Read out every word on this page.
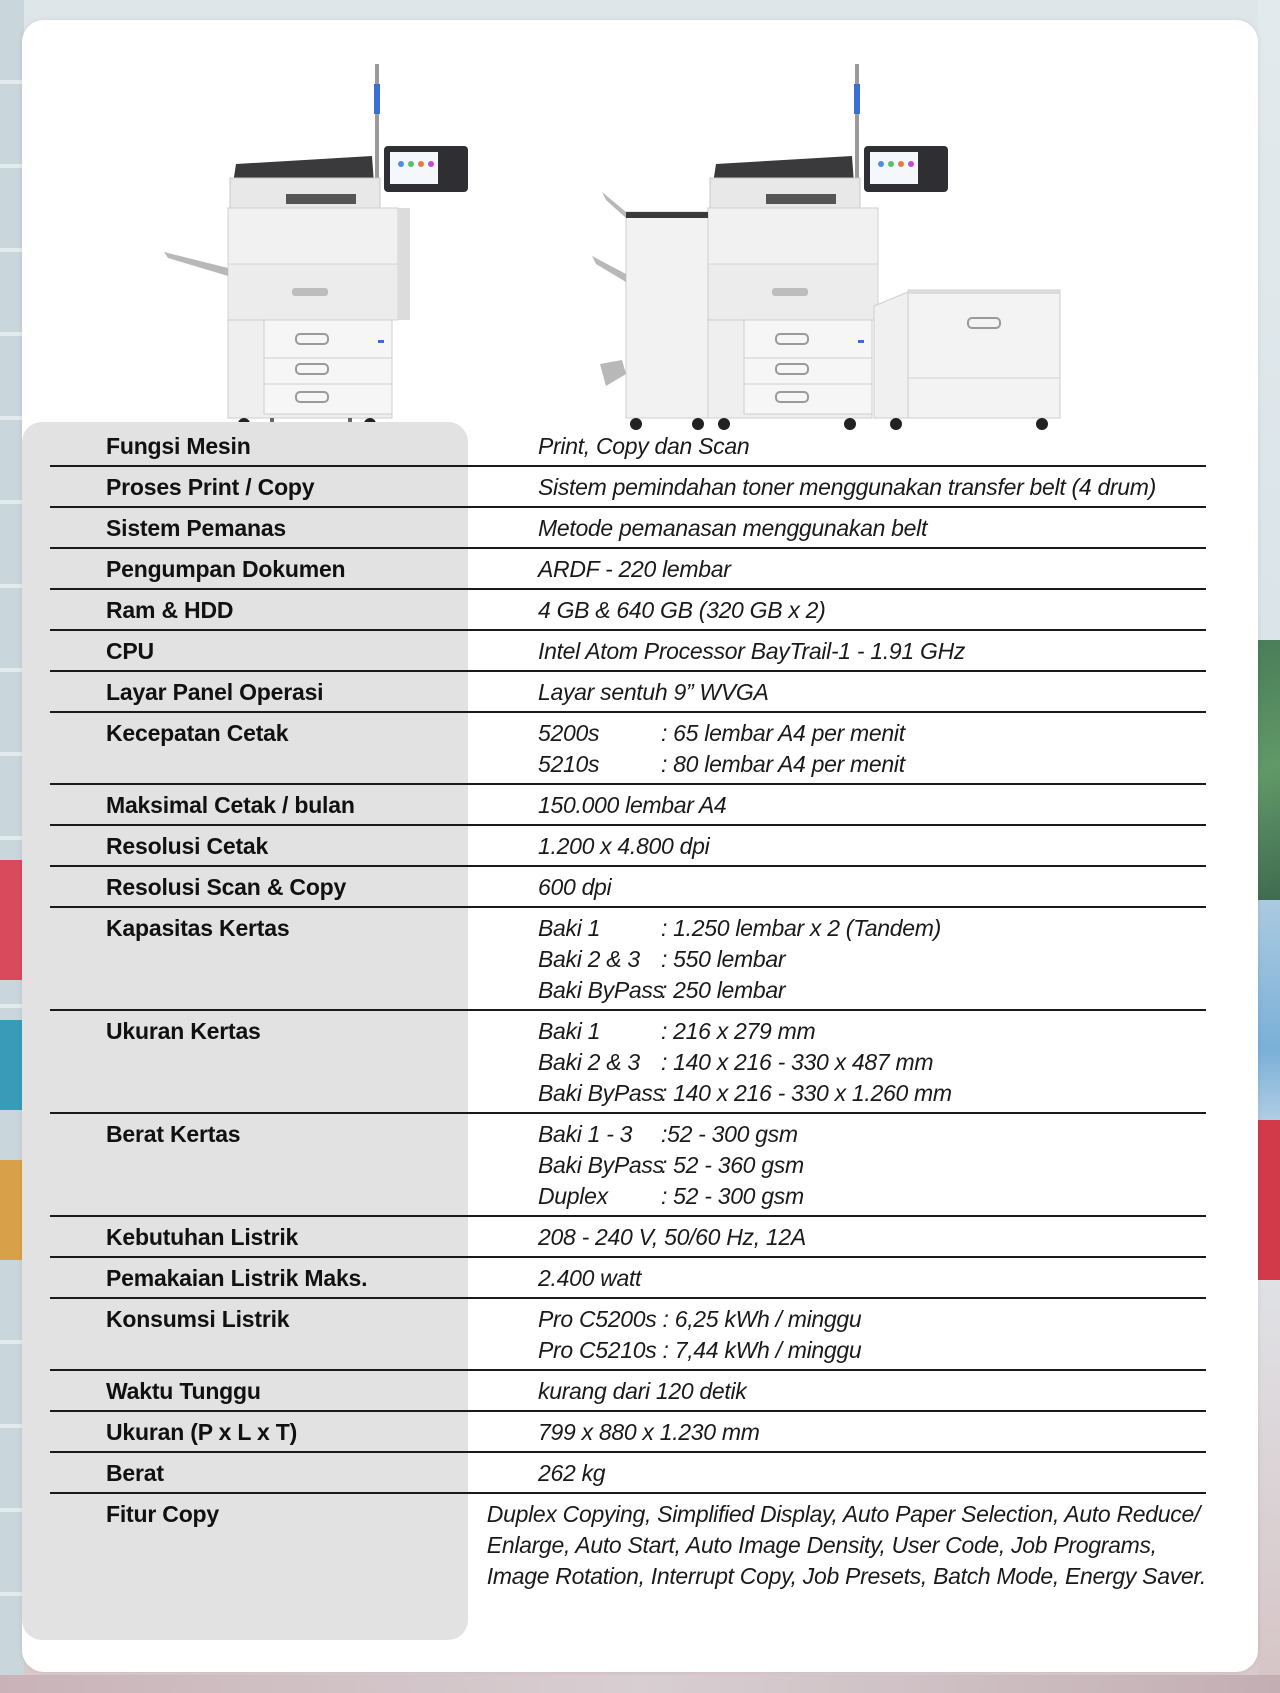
Fungsi Mesin	Print, Copy dan Scan
Proses Print / Copy	Sistem pemindahan toner menggunakan transfer belt (4 drum)
Sistem Pemanas	Metode pemanasan menggunakan belt
Pengumpan Dokumen	ARDF - 220 lembar
Ram & HDD	4 GB & 640 GB (320 GB x 2)
CPU	Intel Atom Processor BayTrail-1 - 1.91 GHz
Layar Panel Operasi	Layar sentuh 9” WVGA
Kecepatan Cetak	5200s	: 65 lembar A4 per menit
5210s	: 80 lembar A4 per menit
Maksimal Cetak / bulan	150.000 lembar A4
Resolusi Cetak	1.200 x 4.800 dpi
Resolusi Scan & Copy	600 dpi
Kapasitas Kertas	Baki 1	: 1.250 lembar x 2 (Tandem)
Baki 2 & 3 : 550 lembar
Baki ByPass: 250 lembar
Ukuran Kertas	Baki 1	: 216 x 279 mm
Baki 2 & 3 : 140 x 216 - 330 x 487 mm
Baki ByPass: 140 x 216 - 330 x 1.260 mm
Berat Kertas	Baki 1 - 3 :52 - 300 gsm
Baki ByPass: 52 - 360 gsm
Duplex : 52 - 300 gsm
Kebutuhan Listrik	208 - 240 V, 50/60 Hz, 12A
Pemakaian Listrik Maks.	2.400 watt
Konsumsi Listrik	Pro C5200s : 6,25 kWh / minggu
Pro C5210s : 7,44 kWh / minggu
Waktu Tunggu	kurang dari 120 detik
Ukuran (P x L x T)	799 x 880 x 1.230 mm
Berat	262 kg
Fitur Copy	Duplex Copying, Simplified Display, Auto Paper Selection, Auto Reduce/
Enlarge, Auto Start, Auto Image Density, User Code, Job Programs,
Image Rotation, Interrupt Copy, Job Presets, Batch Mode, Energy Saver.
